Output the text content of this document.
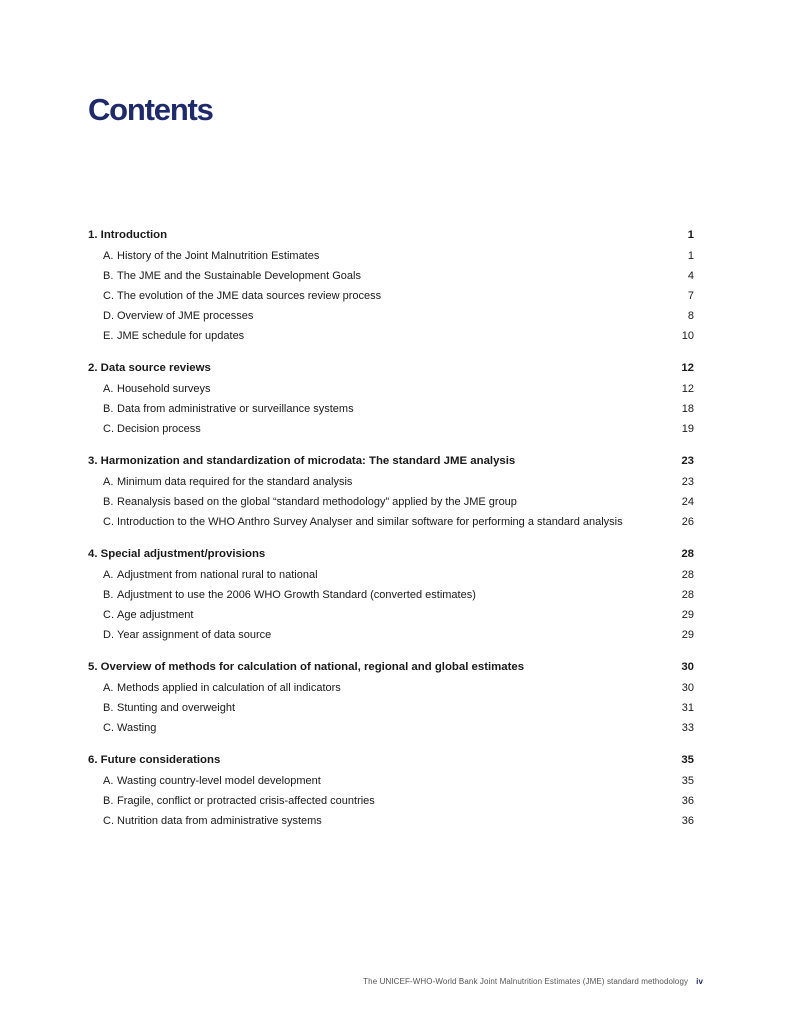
Contents
1. Introduction	1
A. History of the Joint Malnutrition Estimates	1
B. The JME and the Sustainable Development Goals	4
C. The evolution of the JME data sources review process	7
D. Overview of JME processes	8
E. JME schedule for updates	10
2. Data source reviews	12
A. Household surveys	12
B. Data from administrative or surveillance systems	18
C. Decision process	19
3. Harmonization and standardization of microdata: The standard JME analysis	23
A. Minimum data required for the standard analysis	23
B. Reanalysis based on the global “standard methodology” applied by the JME group	24
C. Introduction to the WHO Anthro Survey Analyser and similar software for performing a standard analysis	26
4. Special adjustment/provisions	28
A. Adjustment from national rural to national	28
B. Adjustment to use the 2006 WHO Growth Standard (converted estimates)	28
C. Age adjustment	29
D. Year assignment of data source	29
5. Overview of methods for calculation of national, regional and global estimates	30
A. Methods applied in calculation of all indicators	30
B. Stunting and overweight	31
C. Wasting	33
6. Future considerations	35
A. Wasting country-level model development	35
B. Fragile, conflict or protracted crisis-affected countries	36
C. Nutrition data from administrative systems	36
The UNICEF-WHO-World Bank Joint Malnutrition Estimates (JME) standard methodology iv
